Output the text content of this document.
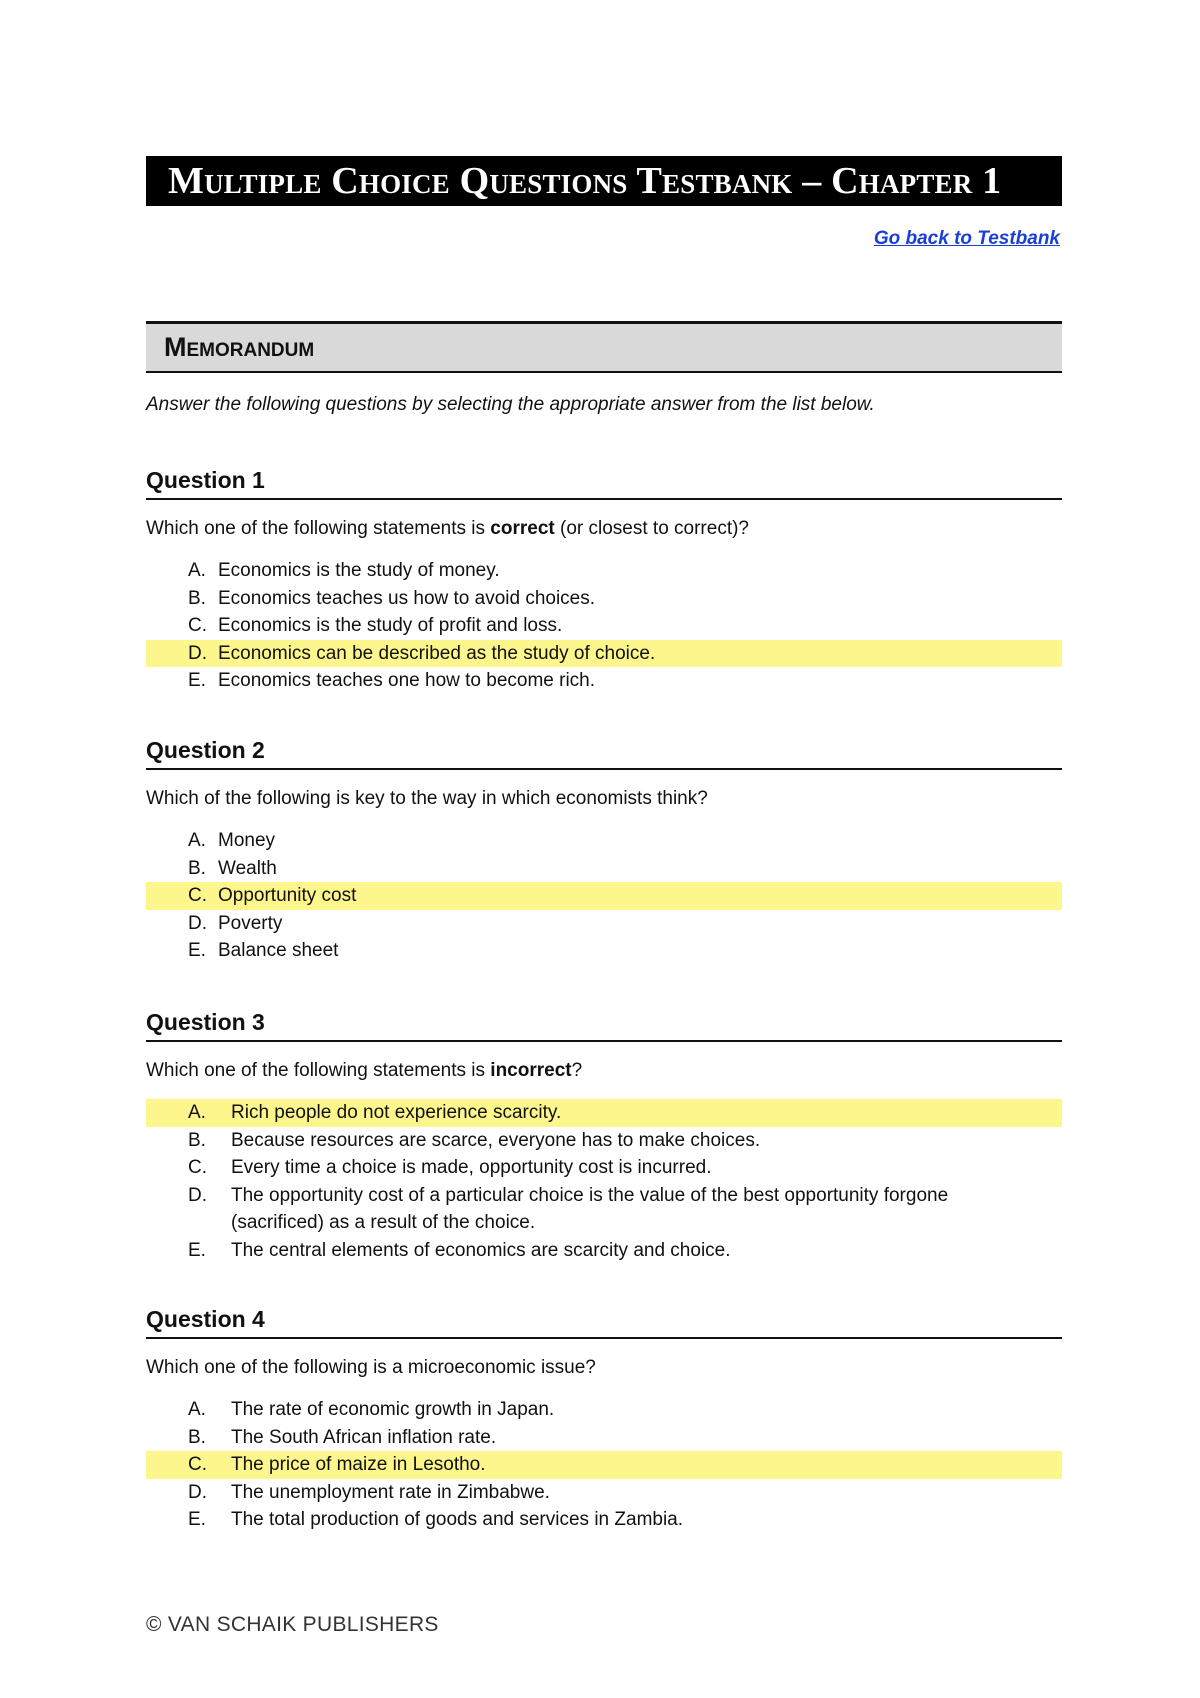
Multiple Choice Questions Testbank – Chapter 1
Go back to Testbank
Memorandum
Answer the following questions by selecting the appropriate answer from the list below.
Question 1
Which one of the following statements is correct (or closest to correct)?
A. Economics is the study of money.
B. Economics teaches us how to avoid choices.
C. Economics is the study of profit and loss.
D. Economics can be described as the study of choice.
E. Economics teaches one how to become rich.
Question 2
Which of the following is key to the way in which economists think?
A. Money
B. Wealth
C. Opportunity cost
D. Poverty
E. Balance sheet
Question 3
Which one of the following statements is incorrect?
A.	Rich people do not experience scarcity.
B.	Because resources are scarce, everyone has to make choices.
C.	Every time a choice is made, opportunity cost is incurred.
D.	The opportunity cost of a particular choice is the value of the best opportunity forgone (sacrificed) as a result of the choice.
E.	The central elements of economics are scarcity and choice.
Question 4
Which one of the following is a microeconomic issue?
A.	The rate of economic growth in Japan.
B.	The South African inflation rate.
C.	The price of maize in Lesotho.
D.	The unemployment rate in Zimbabwe.
E.	The total production of goods and services in Zambia.
© VAN SCHAIK PUBLISHERS
